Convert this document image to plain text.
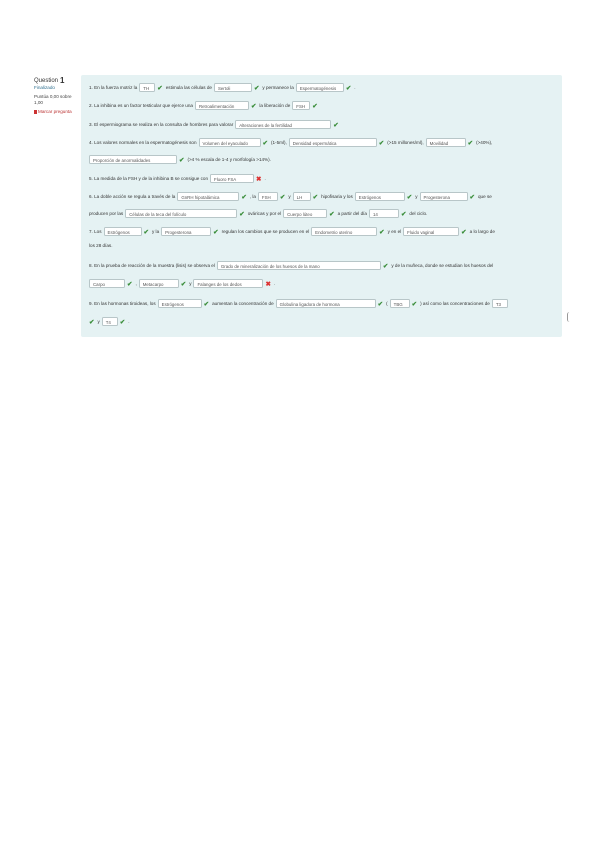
Question 1
Finalizado
Puntúa 0,00 sobre 1,00
Marcar pregunta
1. En la fuerza motriz la	TH	✔ estimula las células de	Sertoli	✔ y permanece la	Espermatogénesis	✔ .
2. La inhibina es un factor testicular que ejerce una	Retroalimentación	✔ la liberación de	FSH	✔
3. El espermiograma se realiza en la consulta de hombres para valorar	Alteraciones de la fertilidad	✔
4. Los valores normales en la espermatogénesis son	Volumen del eyaculado	✔ (1-5ml),	Densidad espermática	✔ (>15 millones/ml),	Movilidad	✔ (>40%),
Proporción de anormalidades	✔ (>4 % escala de 1-4 y morfología >14%).
5. La medida de la FSH y de la inhibina B se consigue con	Fluoro FSA	✖ .
6. La doble acción se regula a través de la	GnRH hipotalámica	✔ , la	FSH	✔ y	LH	✔ hipofisaria y los	Estrógenos	✔ y	Progesterona	✔ que se
producen por las	Células de la teca del folículo	✔ ováricas y por el	Cuerpo lúteo	✔ a partir del día	14	✔ del ciclo.
7. Los	Estrógenos	✔ y la	Progesterona	✔ regulan los cambios que se producen en el	Endometrio uterino	✔ y en el	Fluido vaginal	✔ a lo largo de
los 28 días.
8. En la prueba de reacción de la muestra (lisis) se observa el	Grado de mineralización de los huesos de la mano	✔ y de la muñeca, donde se estudian los huesos del
Carpo	✔ ,	Metacarpo	✔ y	Falanges de los dedos	✖ .
9. En las hormonas tiroideas, los	Estrógenos	✔ aumentan la concentración de	Globulina ligadora de hormona	✔ (	TBG	✔ ) así como las concentraciones de	T3
✔ y	T4	✔ .
